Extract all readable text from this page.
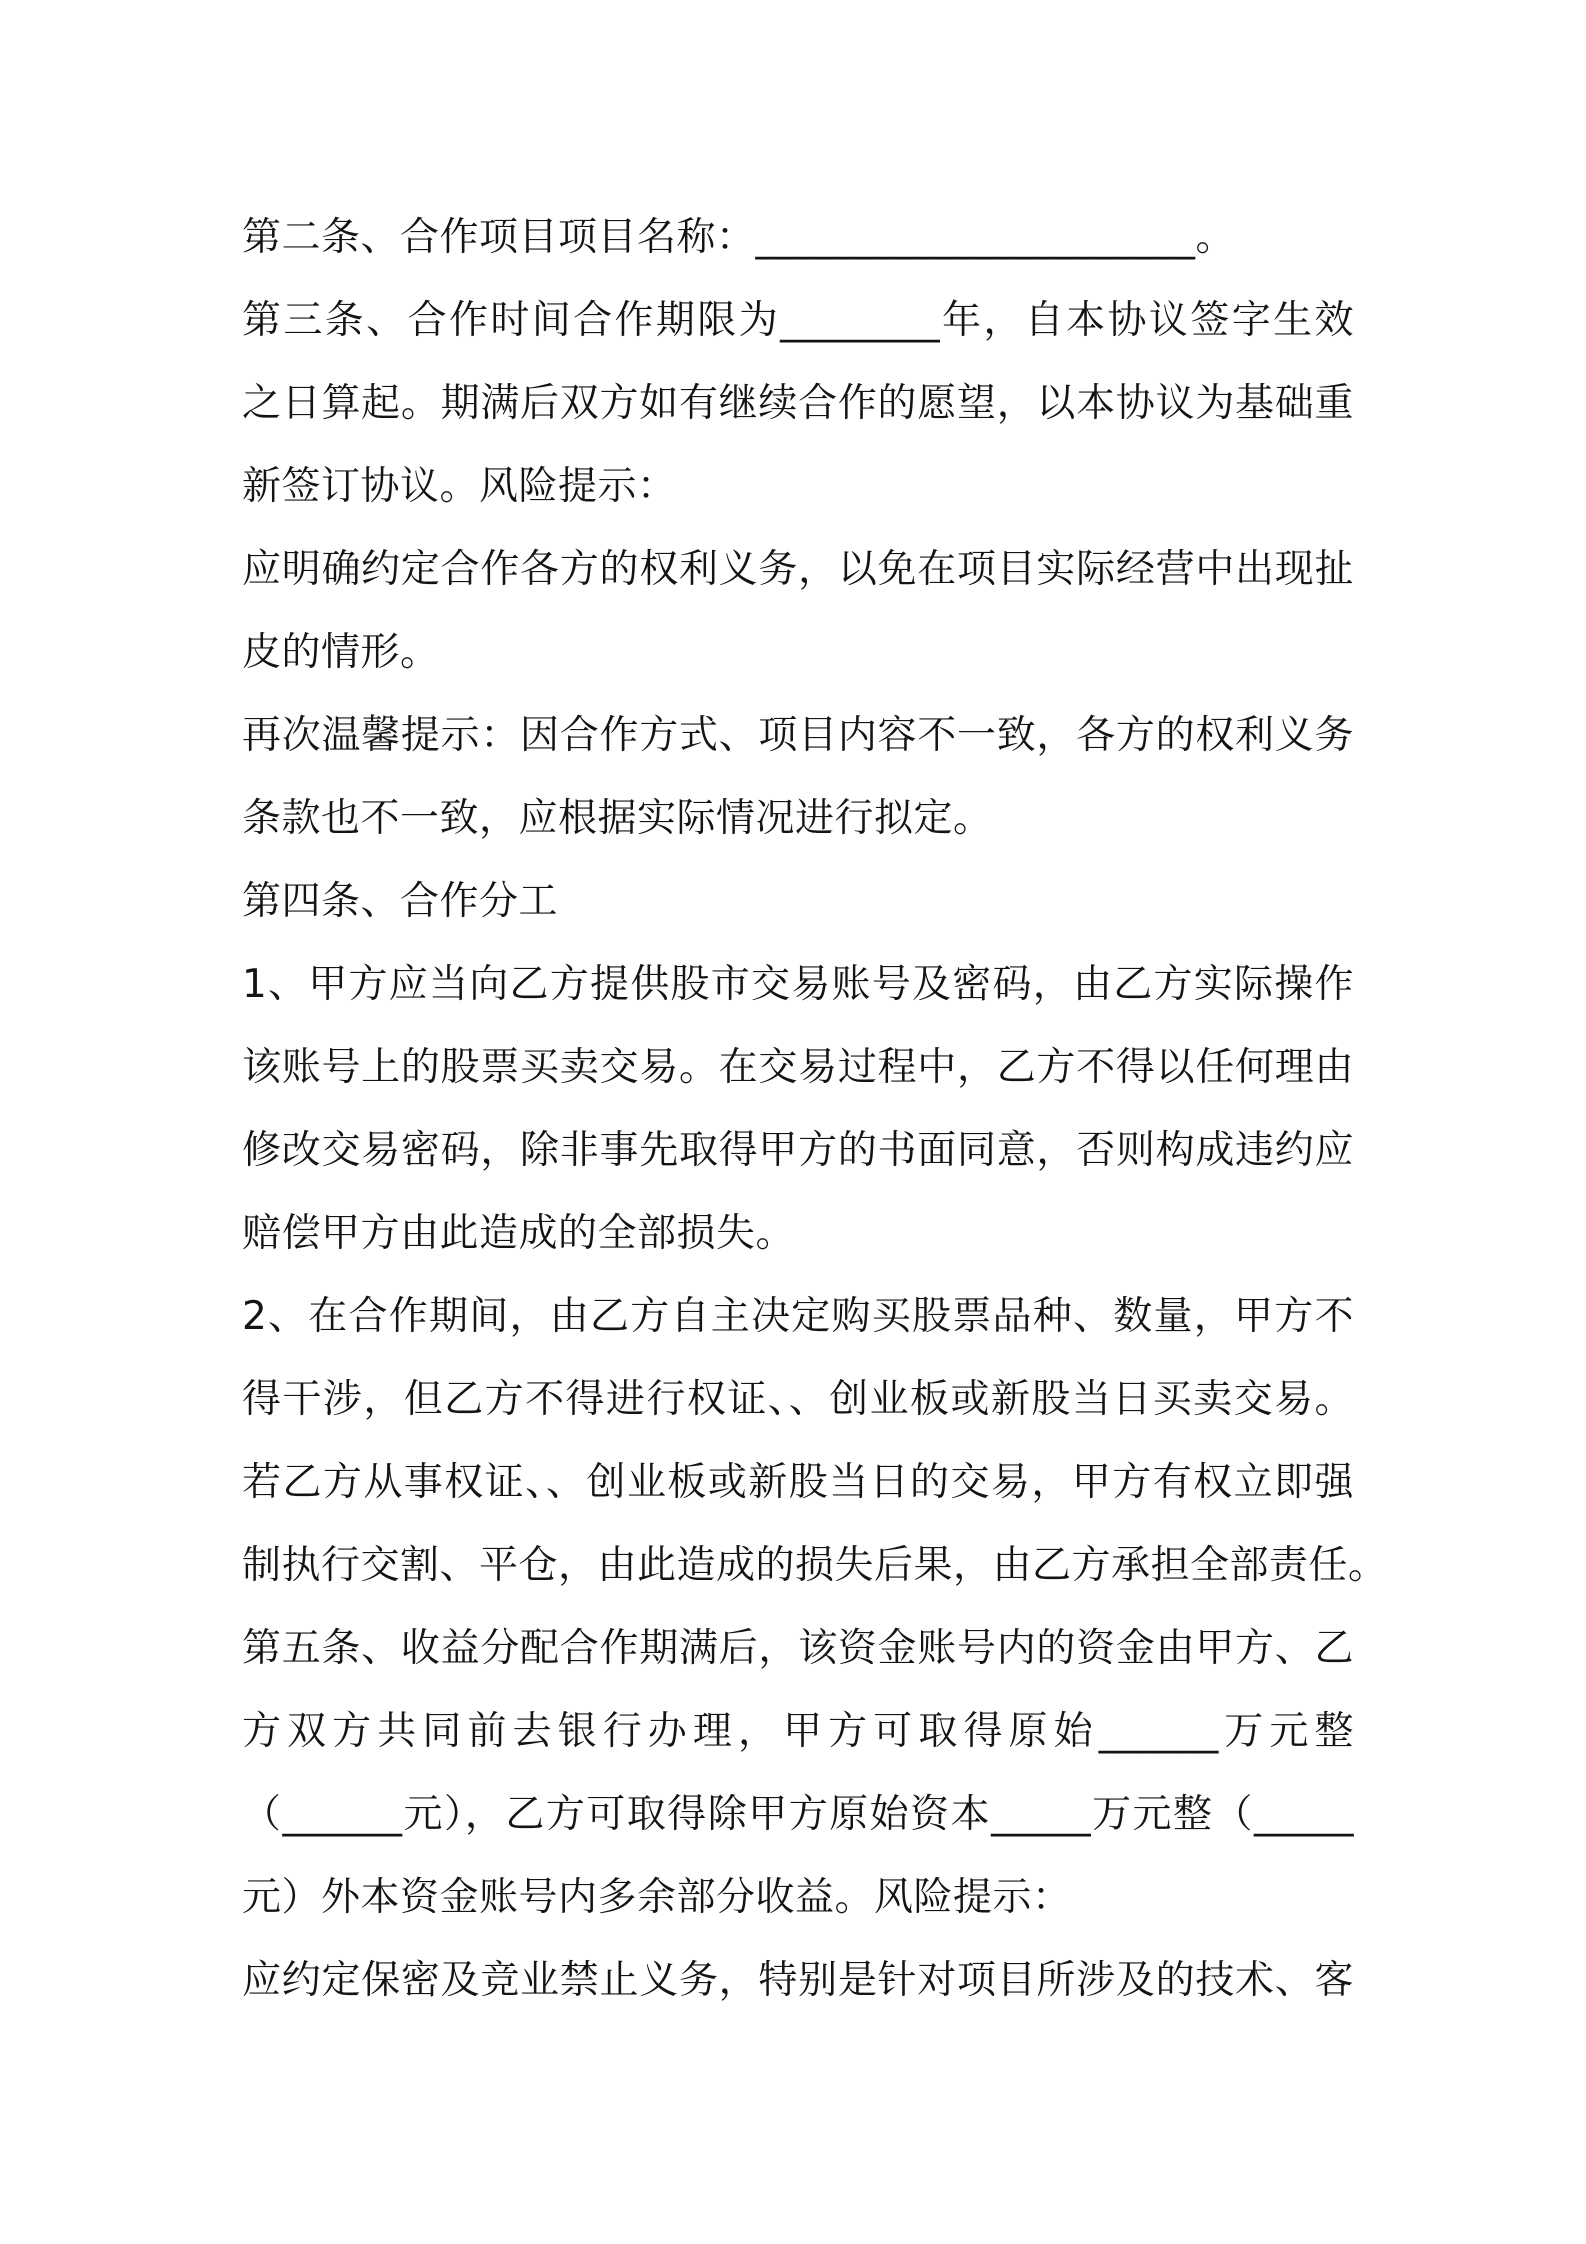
第二条、合作项目项目名称：______________________。
第三条、合作时间合作期限为________年，自本协议签字生效
之日算起。期满后双方如有继续合作的愿望，以本协议为基础重
新签订协议。风险提示：
应明确约定合作各方的权利义务，以免在项目实际经营中出现扯
皮的情形。
再次温馨提示：因合作方式、项目内容不一致，各方的权利义务
条款也不一致，应根据实际情况进行拟定。
第四条、合作分工
1、甲方应当向乙方提供股市交易账号及密码，由乙方实际操作
该账号上的股票买卖交易。在交易过程中，乙方不得以任何理由
修改交易密码，除非事先取得甲方的书面同意，否则构成违约应
赔偿甲方由此造成的全部损失。
2、在合作期间，由乙方自主决定购买股票品种、数量，甲方不
得干涉，但乙方不得进行权证、、创业板或新股当日买卖交易。
若乙方从事权证、、创业板或新股当日的交易，甲方有权立即强
制执行交割、平仓，由此造成的损失后果，由乙方承担全部责任。
第五条、收益分配合作期满后，该资金账号内的资金由甲方、乙
方双方共同前去银行办理，甲方可取得原始______万元整
（______元），乙方可取得除甲方原始资本_____万元整（_____
元）外本资金账号内多余部分收益。风险提示：
应约定保密及竞业禁止义务，特别是针对项目所涉及的技术、客
